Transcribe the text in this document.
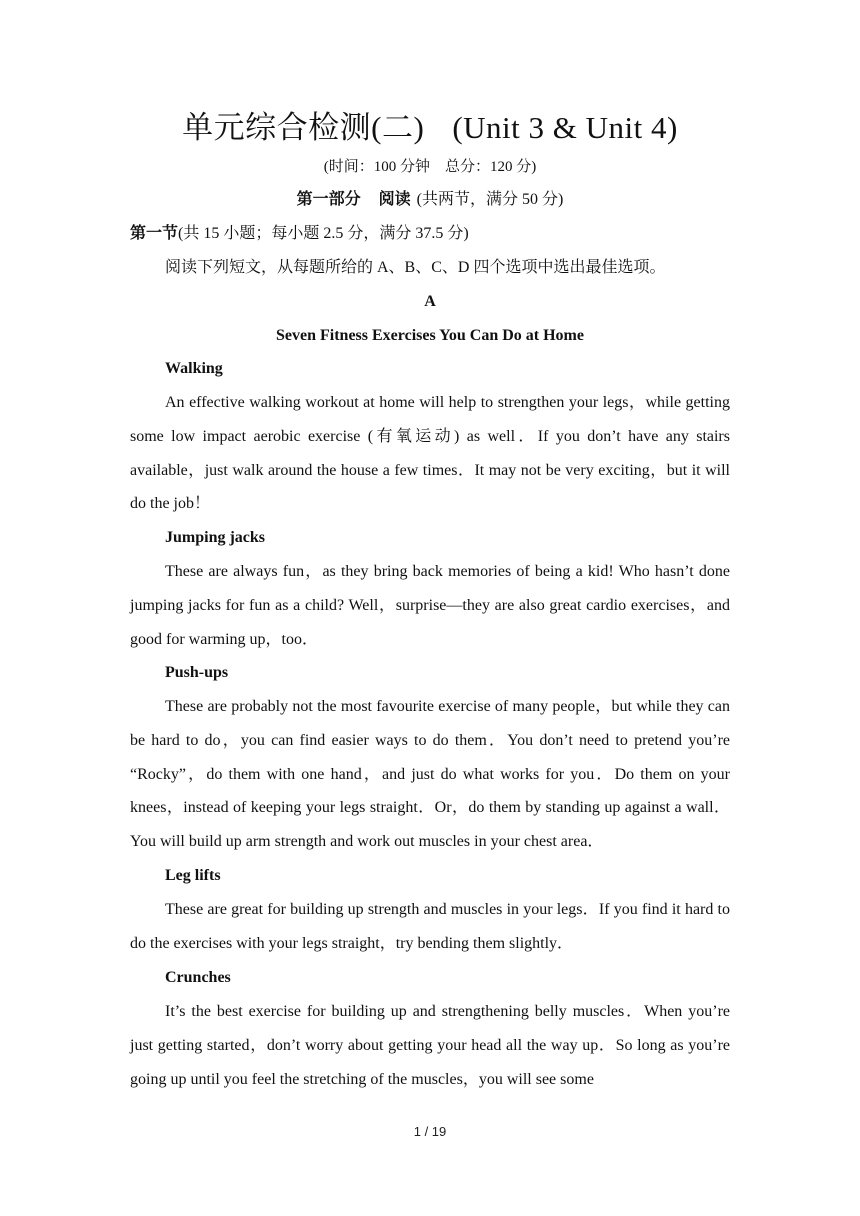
单元综合检测(二) (Unit 3 & Unit 4)
(时间：100 分钟　总分：120 分)
第一部分 阅读 (共两节，满分 50 分)
第一节(共 15 小题；每小题 2.5 分，满分 37.5 分)
阅读下列短文，从每题所给的 A、B、C、D 四个选项中选出最佳选项。
A
Seven Fitness Exercises You Can Do at Home
Walking
An effective walking workout at home will help to strengthen your legs，while getting some low impact aerobic exercise (有氧运动) as well．If you don’t have any stairs available，just walk around the house a few times．It may not be very exciting，but it will do the job！
Jumping jacks
These are always fun，as they bring back memories of being a kid! Who hasn’t done jumping jacks for fun as a child? Well，surprise—they are also great cardio exercises，and good for warming up，too．
Push-ups
These are probably not the most favourite exercise of many people，but while they can be hard to do，you can find easier ways to do them．You don’t need to pretend you’re “Rocky”，do them with one hand，and just do what works for you．Do them on your knees，instead of keeping your legs straight．Or，do them by standing up against a wall．You will build up arm strength and work out muscles in your chest area．
Leg lifts
These are great for building up strength and muscles in your legs．If you find it hard to do the exercises with your legs straight，try bending them slightly．
Crunches
It’s the best exercise for building up and strengthening belly muscles．When you’re just getting started，don’t worry about getting your head all the way up．So long as you’re going up until you feel the stretching of the muscles，you will see some
1 / 19
